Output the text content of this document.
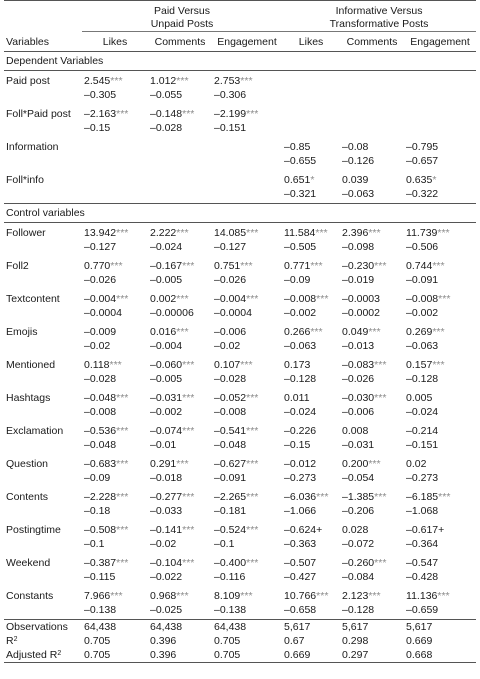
	Paid Versus
Unpaid Posts			Informative Versus
Transformative Posts		

Variables	Likes	Comments	Engagement	Likes	Comments	Engagement
Dependent Variables						
Paid post	2.545***	1.012***	2.753***			
	–0.305	–0.055	–0.306			
Foll*Paid post	–2.163***	–0.148***	–2.199***			
	–0.15	–0.028	–0.151			
Information				–0.85	–0.08	–0.795
				–0.655	–0.126	–0.657
Foll*info				0.651*	0.039	0.635*
				–0.321	–0.063	–0.322
Control variables						
Follower	13.942***	2.222***	14.085***	11.584***	2.396***	11.739***
	–0.127	–0.024	–0.127	–0.505	–0.098	–0.506
Foll2	0.770***	–0.167***	0.751***	0.771***	–0.230***	0.744***
	–0.026	–0.005	–0.026	–0.09	–0.019	–0.091
Textcontent	–0.004***	0.002***	–0.004***	–0.008***	–0.0003	–0.008***
	–0.0004	–0.00006	–0.0004	–0.002	–0.0002	–0.002
Emojis	–0.009	0.016***	–0.006	0.266***	0.049***	0.269***
	–0.02	–0.004	–0.02	–0.063	–0.013	–0.063
Mentioned	0.118***	–0.060***	0.107***	0.173	–0.083***	0.157***
	–0.028	–0.005	–0.028	–0.128	–0.026	–0.128
Hashtags	–0.048***	–0.031***	–0.052***	0.011	–0.030***	0.005
	–0.008	–0.002	–0.008	–0.024	–0.006	–0.024
Exclamation	–0.536***	–0.074***	–0.541***	–0.226	0.008	–0.214
	–0.048	–0.01	–0.048	–0.15	–0.031	–0.151
Question	–0.683***	0.291***	–0.627***	–0.012	0.200***	0.02
	–0.09	–0.018	–0.091	–0.273	–0.054	–0.273
Contents	–2.228***	–0.277***	–2.265***	–6.036***	–1.385***	–6.185***
	–0.18	–0.033	–0.181	–1.066	–0.206	–1.068
Postingtime	–0.508***	–0.141***	–0.524***	–0.624+	0.028	–0.617+
	–0.1	–0.02	–0.1	–0.363	–0.072	–0.364
Weekend	–0.387***	–0.104***	–0.400***	–0.507	–0.260***	–0.547
	–0.115	–0.022	–0.116	–0.427	–0.084	–0.428
Constants	7.966***	0.968***	8.109***	10.766***	2.123***	11.136***
	–0.138	–0.025	–0.138	–0.658	–0.128	–0.659
Observations	64,438	64,438	64,438	5,617	5,617	5,617
$R^2$	0.705	0.396	0.705	0.67	0.298	0.669
Adjusted $R^2$	0.705	0.396	0.705	0.669	0.297	0.668
